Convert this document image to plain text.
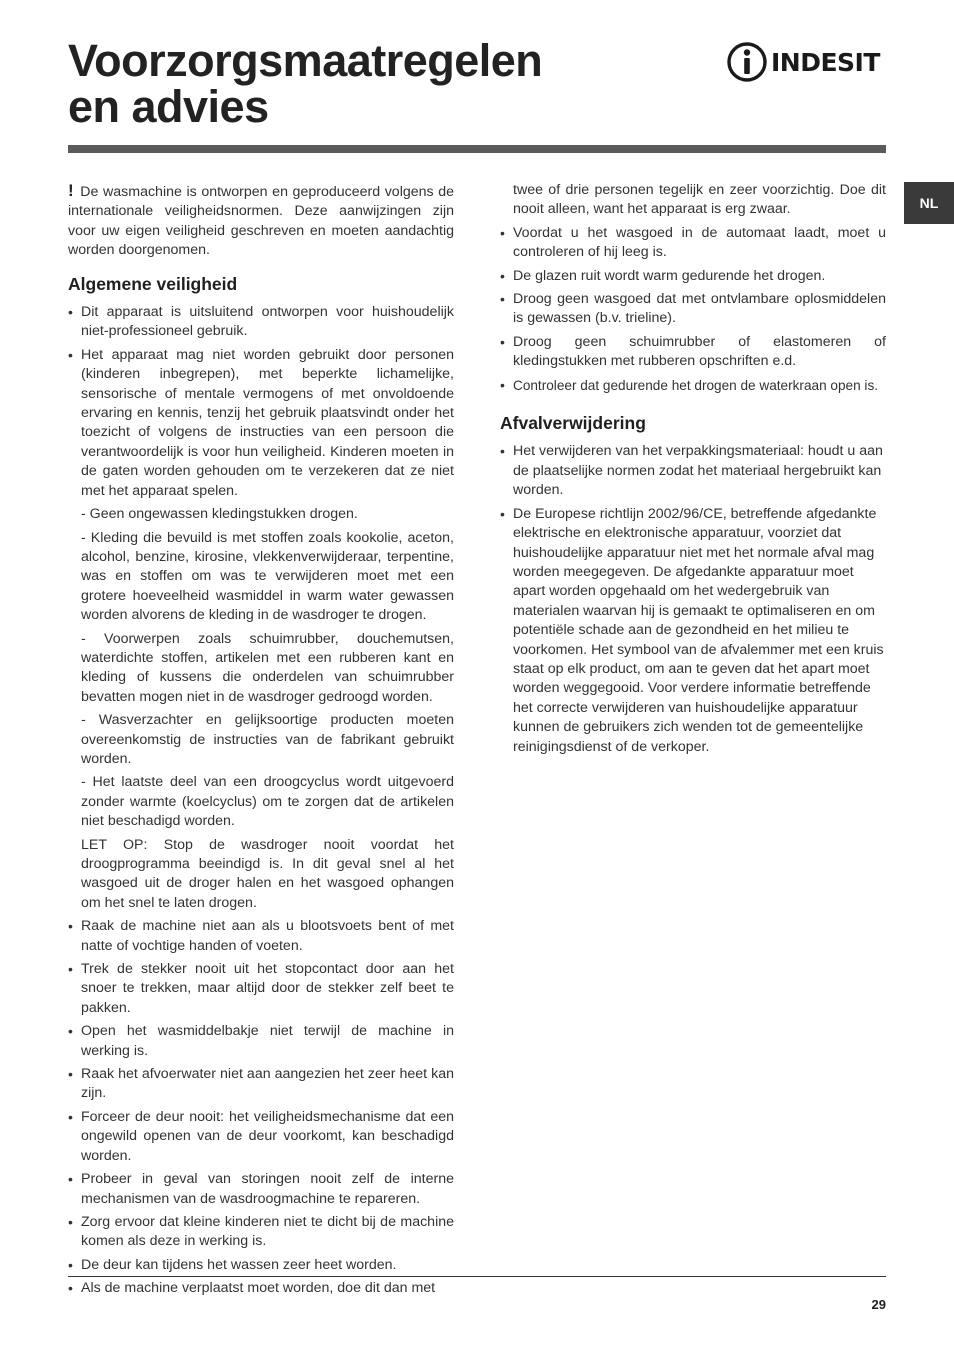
Voorzorgsmaatregelen
en advies
INDESIT
NL

! De wasmachine is ontworpen en geproduceerd volgens de internationale veiligheidsnormen. Deze aanwijzingen zijn voor uw eigen veiligheid geschreven en moeten aandachtig worden doorgenomen.

Algemene veiligheid
• Dit apparaat is uitsluitend ontworpen voor huishoudelijk niet-professioneel gebruik.
• Het apparaat mag niet worden gebruikt door personen (kinderen inbegrepen), met beperkte lichamelijke, sensorische of mentale vermogens of met onvoldoende ervaring en kennis, tenzij het gebruik plaatsvindt onder het toezicht of volgens de instructies van een persoon die verantwoordelijk is voor hun veiligheid. Kinderen moeten in de gaten worden gehouden om te verzekeren dat ze niet met het apparaat spelen.
- Geen ongewassen kledingstukken drogen.
- Kleding die bevuild is met stoffen zoals kookolie, aceton, alcohol, benzine, kirosine, vlekkenverwijderaar, terpentine, was en stoffen om was te verwijderen moet met een grotere hoeveelheid wasmiddel in warm water gewassen worden alvorens de kleding in de wasdroger te drogen.
- Voorwerpen zoals schuimrubber, douchemutsen, waterdichte stoffen, artikelen met een rubberen kant en kleding of kussens die onderdelen van schuimrubber bevatten mogen niet in de wasdroger gedroogd worden.
- Wasverzachter en gelijksoortige producten moeten overeenkomstig de instructies van de fabrikant gebruikt worden.
- Het laatste deel van een droogcyclus wordt uitgevoerd zonder warmte (koelcyclus) om te zorgen dat de artikelen niet beschadigd worden.
LET OP: Stop de wasdroger nooit voordat het droogprogramma beeindigd is. In dit geval snel al het wasgoed uit de droger halen en het wasgoed ophangen om het snel te laten drogen.
• Raak de machine niet aan als u blootsvoets bent of met natte of vochtige handen of voeten.
• Trek de stekker nooit uit het stopcontact door aan het snoer te trekken, maar altijd door de stekker zelf beet te pakken.
• Open het wasmiddelbakje niet terwijl de machine in werking is.
• Raak het afvoerwater niet aan aangezien het zeer heet kan zijn.
• Forceer de deur nooit: het veiligheidsmechanisme dat een ongewild openen van de deur voorkomt, kan beschadigd worden.
• Probeer in geval van storingen nooit zelf de interne mechanismen van de wasdroogmachine te repareren.
• Zorg ervoor dat kleine kinderen niet te dicht bij de machine komen als deze in werking is.
• De deur kan tijdens het wassen zeer heet worden.
• Als de machine verplaatst moet worden, doe dit dan met
twee of drie personen tegelijk en zeer voorzichtig. Doe dit nooit alleen, want het apparaat is erg zwaar.
• Voordat u het wasgoed in de automaat laadt, moet u controleren of hij leeg is.
• De glazen ruit wordt warm gedurende het drogen.
• Droog geen wasgoed dat met ontvlambare oplosmiddelen is gewassen (b.v. trieline).
• Droog geen schuimrubber of elastomeren of kledingstukken met rubberen opschriften e.d.
• Controleer dat gedurende het drogen de waterkraan open is.
Afvalverwijdering
• Het verwijderen van het verpakkingsmateriaal: houdt u aan de plaatselijke normen zodat het materiaal hergebruikt kan worden.
• De Europese richtlijn 2002/96/CE, betreffende afgedankte elektrische en elektronische apparatuur, voorziet dat huishoudelijke apparatuur niet met het normale afval mag worden meegegeven. De afgedankte apparatuur moet apart worden opgehaald om het wedergebruik van materialen waarvan hij is gemaakt te optimaliseren en om potentiële schade aan de gezondheid en het milieu te voorkomen. Het symbool van de afvalemmer met een kruis staat op elk product, om aan te geven dat het apart moet worden weggegooid. Voor verdere informatie betreffende het correcte verwijderen van huishoudelijke apparatuur kunnen de gebruikers zich wenden tot de gemeentelijke reinigingsdienst of de verkoper.
29
